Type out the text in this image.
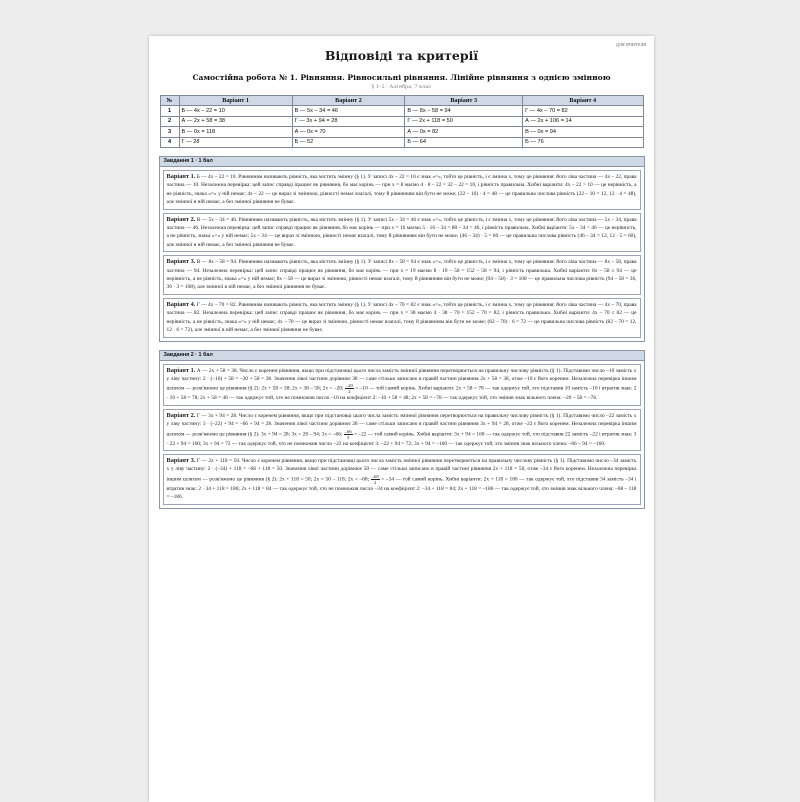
для вчителя
Відповіді та критерії
Самостійна робота № 1. Рівняння. Рівносильні рівняння. Лінійне рівняння з однією змінною
§ 1–2 · Алгебра, 7 клас
№	Варіант 1	Варіант 2	Варіант 3	Варіант 4
1	Б — 4x – 22 = 10	В — 5x – 34 = 46	В — 8x – 58 = 94	Г — 4x – 70 = 82
2	А — 2x + 58 = 38	Г — 3x + 94 = 28	Г — 2x + 118 = 50	А — 2x + 106 = 14
3	В — 0x = 118	А — 0x = 70	А — 0x = 82	В — 0x = 94
4	Г — 28	Б — 52	Б — 64	Б — 76
Завдання 1 · 1 бал
Варіант 1. Б — 4x – 22 = 10. Рівнянням називають рівність, яка містить змінну (§ 1). У записі 4x – 22 = 10 є знак «=», тобто це рівність, і є змінна x, тому це рівняння: його ліва частина — 4x – 22, права частина — 10. Незалежна перевірка: цей запис справді працює як рівняння, бо має корінь — при x = 8 маємо 4 · 8 – 22 = 32 – 22 = 10, і рівність правильна. Хибні варіанти: 4x – 22 > 10 — це нерівність, а не рівність, знака «=» у ній немає; 4x – 22 — це вираз зі змінною, рівності немає взагалі, тому й рівнянням він бути не може; (22 – 10) · 4 = 48 — це правильна числова рівність (22 – 10 = 12, 12 · 4 = 48), але змінної в ній немає, а без змінної рівняння не буває.
Варіант 2. В — 5x – 34 = 46. Рівнянням називають рівність, яка містить змінну (§ 1). У записі 5x – 34 = 46 є знак «=», тобто це рівність, і є змінна x, тому це рівняння: його ліва частина — 5x – 34, права частина — 46. Незалежна перевірка: цей запис справді працює як рівняння, бо має корінь — при x = 16 маємо 5 · 16 – 34 = 80 – 34 = 46, і рівність правильна. Хибні варіанти: 5x – 34 < 46 — це нерівність, а не рівність, знака «=» у ній немає; 5x – 34 — це вираз зі змінною, рівності немає взагалі, тому й рівнянням він бути не може; (46 – 34) · 5 = 60 — це правильна числова рівність (46 – 34 = 12, 12 · 5 = 60), але змінної в ній немає, а без змінної рівняння не буває.
Варіант 3. В — 8x – 58 = 94. Рівнянням називають рівність, яка містить змінну (§ 1). У записі 8x – 58 = 94 є знак «=», тобто це рівність, і є змінна x, тому це рівняння: його ліва частина — 8x – 58, права частина — 94. Незалежна перевірка: цей запис справді працює як рівняння, бо має корінь — при x = 19 маємо 8 · 19 – 58 = 152 – 58 = 94, і рівність правильна. Хибні варіанти: 8x – 58 ≥ 94 — це нерівність, а не рівність, знака «=» у ній немає; 8x – 58 — це вираз зі змінною, рівності немає взагалі, тому й рівнянням він бути не може; (94 – 58) · 3 = 108 — це правильна числова рівність (94 – 58 = 36, 36 · 3 = 108), але змінної в ній немає, а без змінної рівняння не буває.
Варіант 4. Г — 4x – 70 = 82. Рівнянням називають рівність, яка містить змінну (§ 1). У записі 4x – 70 = 82 є знак «=», тобто це рівність, і є змінна x, тому це рівняння: його ліва частина — 4x – 70, права частина — 82. Незалежна перевірка: цей запис справді працює як рівняння, бо має корінь — при x = 38 маємо 4 · 38 – 70 = 152 – 70 = 82, і рівність правильна. Хибні варіанти: 4x – 70 ≤ 82 — це нерівність, а не рівність, знака «=» у ній немає; 4x – 70 — це вираз зі змінною, рівності немає взагалі, тому й рівнянням він бути не може; (82 – 70) · 6 = 72 — це правильна числова рівність (82 – 70 = 12, 12 · 6 = 72), але змінної в ній немає, а без змінної рівняння не буває.
Завдання 2 · 1 бал
Варіант 1. А — 2x + 58 = 38. Число є коренем рівняння, якщо при підстановці цього числа замість змінної рівняння перетворюється на правильну числову рівність (§ 1). Підставимо число –10 замість x у ліву частину: 2 · (–10) + 58 = –20 + 58 = 38. Значення лівої частини дорівнює 38 — саме стільки записано в правій частині рівняння 2x + 58 = 38, отже –10 є його коренем. Незалежна перевірка іншим шляхом — розв'яжемо це рівняння (§ 2): 2x + 58 = 38; 2x = 38 – 58; 2x = –20; $\frac{-20}{2} = -10$ — той самий корінь. Хибні варіанти: 2x + 58 = 78 — так одержує той, хто підставив 10 замість –10 і втратив знак: 2 · 10 + 58 = 78; 2x + 58 = 48 — так одержує той, хто не помножив число –10 на коефіцієнт 2: –10 + 58 = 48; 2x + 58 = –78 — так одержує той, хто змінив знак вільного члена: –20 – 58 = –78.
Варіант 2. Г — 3x + 94 = 28. Число є коренем рівняння, якщо при підстановці цього числа замість змінної рівняння перетворюється на правильну числову рівність (§ 1). Підставимо число –22 замість x у ліву частину: 3 · (–22) + 94 = –66 + 94 = 28. Значення лівої частини дорівнює 28 — саме стільки записано в правій частині рівняння 3x + 94 = 28, отже –22 є його коренем. Незалежна перевірка іншим шляхом — розв'яжемо це рівняння (§ 2): 3x + 94 = 28; 3x = 28 – 94; 3x = –66; $\frac{-66}{3} = -22$ — той самий корінь. Хибні варіанти: 3x + 94 = 160 — так одержує той, хто підставив 22 замість –22 і втратив знак: 3 · 22 + 94 = 160; 3x + 94 = 72 — так одержує той, хто не помножив число –22 на коефіцієнт 3: –22 + 94 = 72; 3x + 94 = –160 — так одержує той, хто змінив знак вільного члена: –66 – 94 = –160.
Варіант 3. Г — 2x + 118 = 50. Число є коренем рівняння, якщо при підстановці цього числа замість змінної рівняння перетворюється на правильну числову рівність (§ 1). Підставимо число –34 замість x у ліву частину: 2 · (–34) + 118 = –68 + 118 = 50. Значення лівої частини дорівнює 50 — саме стільки записано в правій частині рівняння 2x + 118 = 50, отже –34 є його коренем. Незалежна перевірка іншим шляхом — розв'яжемо це рівняння (§ 2): 2x + 118 = 50; 2x = 50 – 118; 2x = –68; $\frac{-68}{2} = -34$ — той самий корінь. Хибні варіанти: 2x + 118 = 186 — так одержує той, хто підставив 34 замість –34 і втратив знак: 2 · 34 + 118 = 186; 2x + 118 = 84 — так одержує той, хто не помножив число –34 на коефіцієнт 2: –34 + 118 = 84; 2x + 118 = –186 — так одержує той, хто змінив знак вільного члена: –68 – 118 = –186.
